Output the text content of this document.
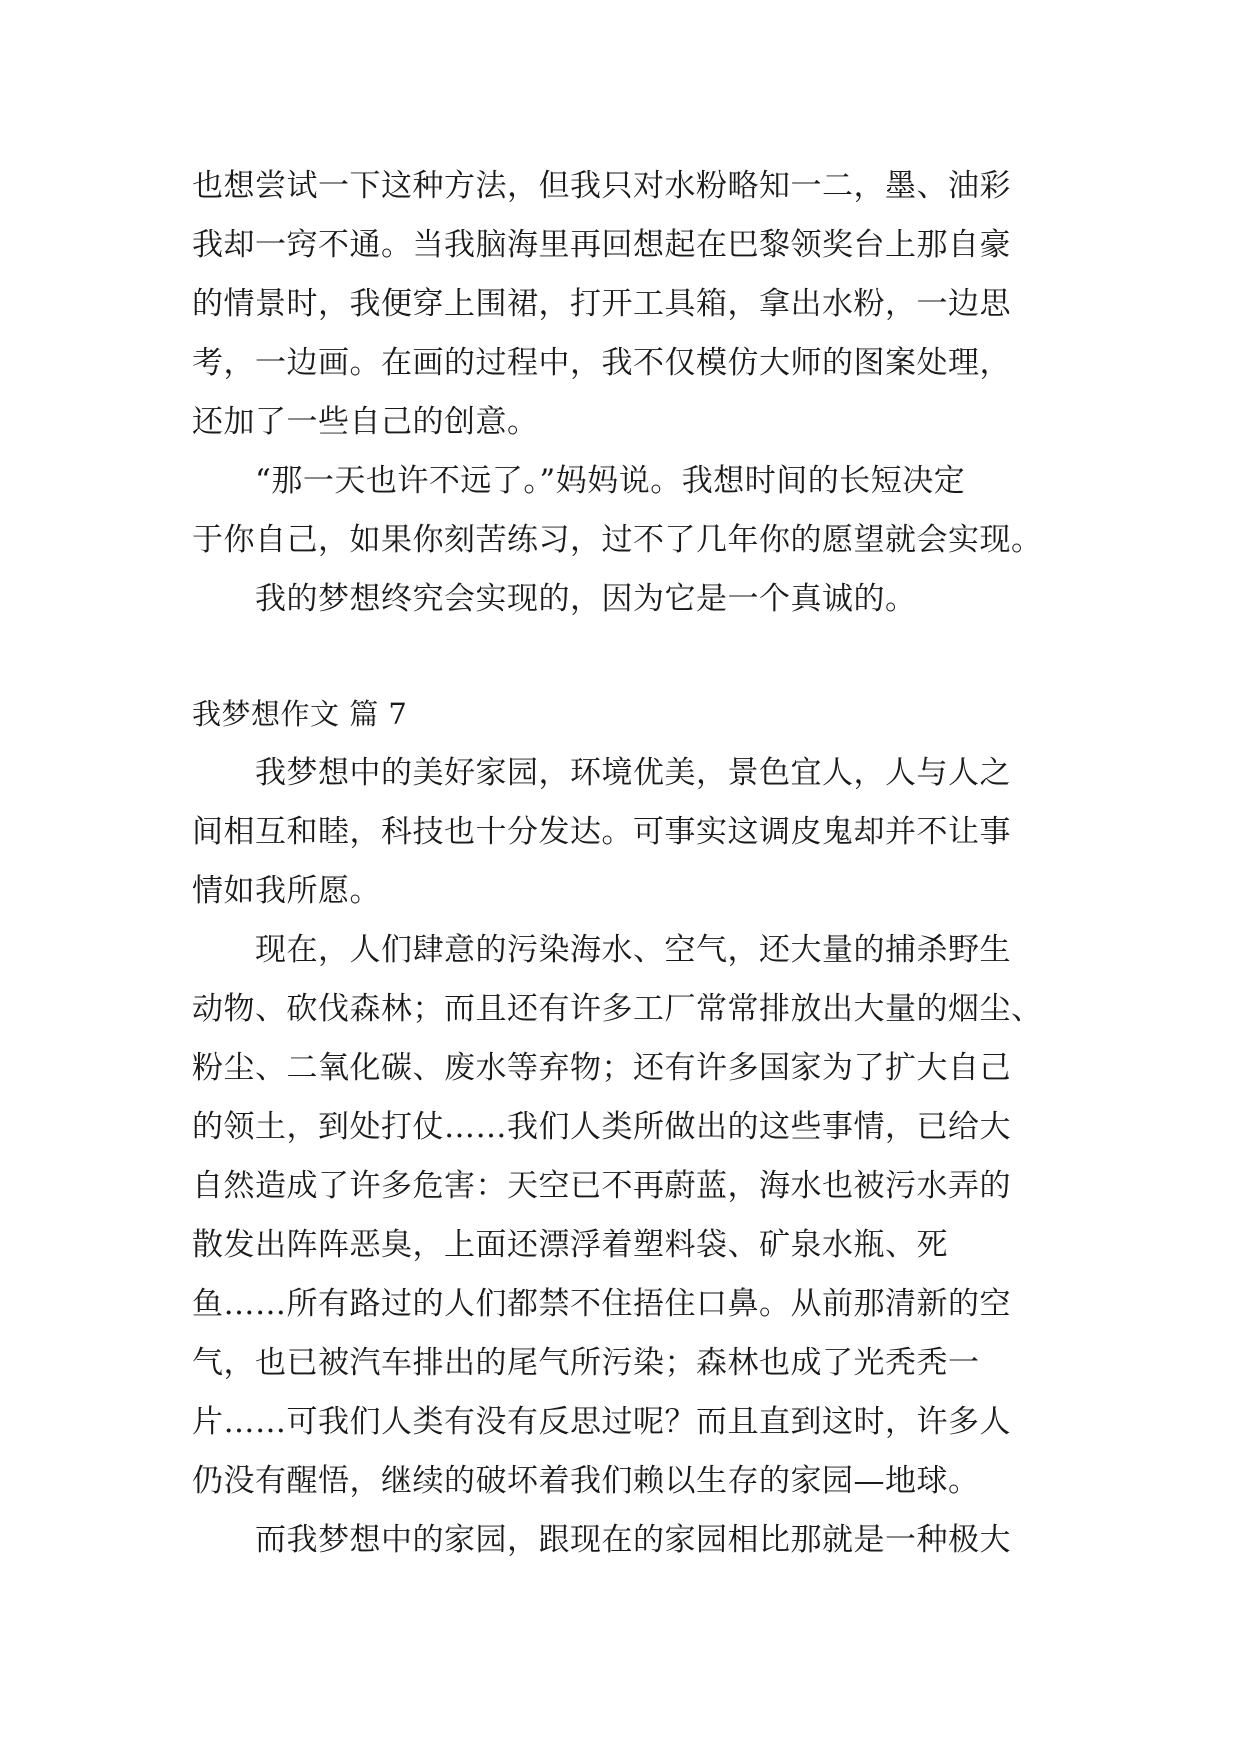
也想尝试一下这种方法，但我只对水粉略知一二，墨、油彩
我却一窍不通。当我脑海里再回想起在巴黎领奖台上那自豪
的情景时，我便穿上围裙，打开工具箱，拿出水粉，一边思
考，一边画。在画的过程中，我不仅模仿大师的图案处理，
还加了一些自己的创意。
“那一天也许不远了。”妈妈说。我想时间的长短决定
于你自己，如果你刻苦练习，过不了几年你的愿望就会实现。
我的梦想终究会实现的，因为它是一个真诚的。
我梦想作文 篇 7
我梦想中的美好家园，环境优美，景色宜人，人与人之
间相互和睦，科技也十分发达。可事实这调皮鬼却并不让事
情如我所愿。
现在，人们肆意的污染海水、空气，还大量的捕杀野生
动物、砍伐森林；而且还有许多工厂常常排放出大量的烟尘、
粉尘、二氧化碳、废水等弃物；还有许多国家为了扩大自己
的领土，到处打仗……我们人类所做出的这些事情，已给大
自然造成了许多危害：天空已不再蔚蓝，海水也被污水弄的
散发出阵阵恶臭，上面还漂浮着塑料袋、矿泉水瓶、死
鱼……所有路过的人们都禁不住捂住口鼻。从前那清新的空
气，也已被汽车排出的尾气所污染；森林也成了光秃秃一
片……可我们人类有没有反思过呢？而且直到这时，许多人
仍没有醒悟，继续的破坏着我们赖以生存的家园—地球。
而我梦想中的家园，跟现在的家园相比那就是一种极大
